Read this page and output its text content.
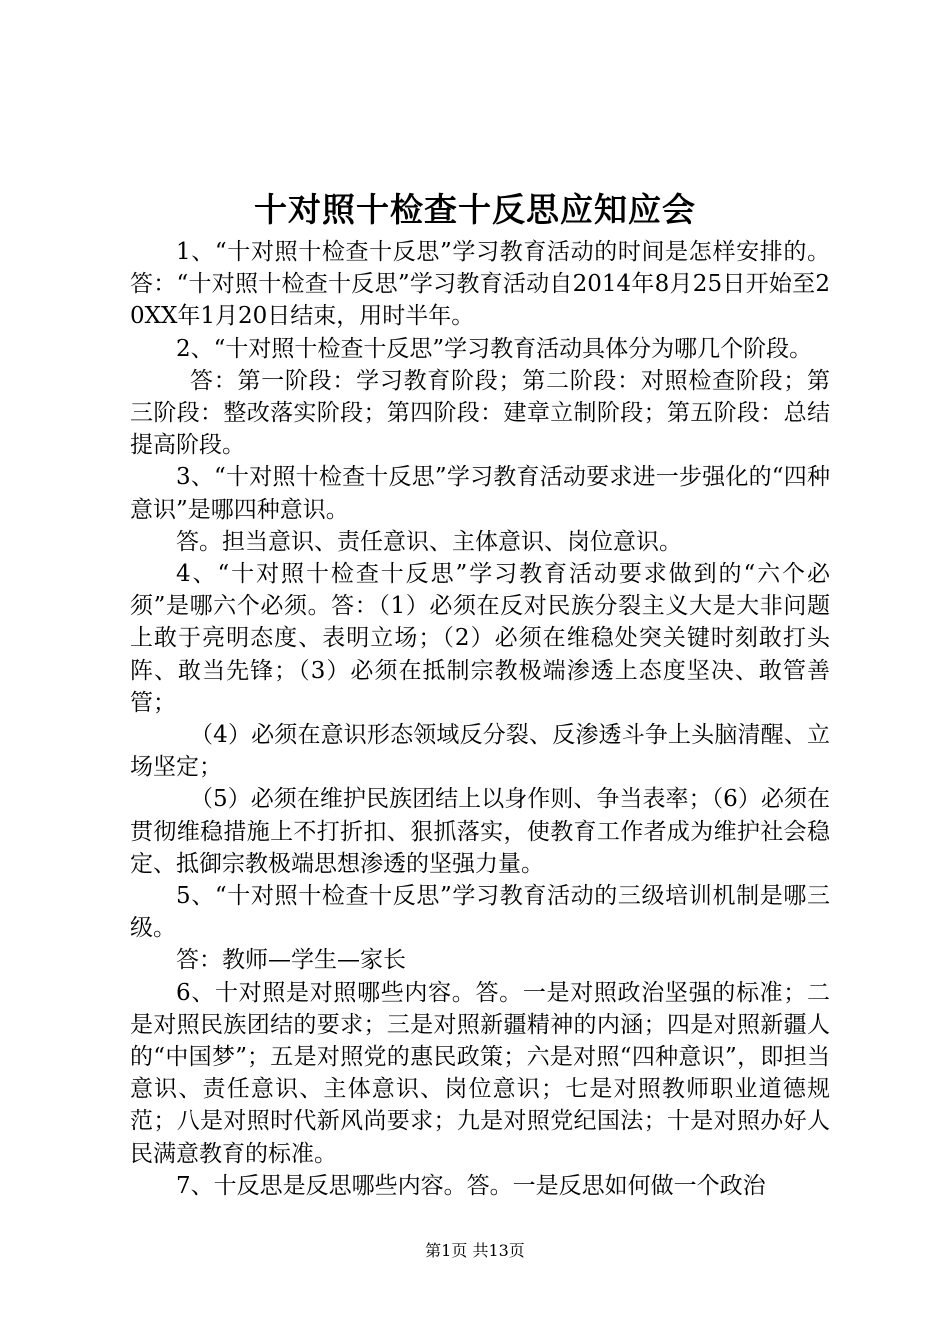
十对照十检查十反思应知应会

1、“十对照十检查十反思”学习教育活动的时间是怎样安排的。答：“十对照十检查十反思”学习教育活动自2014年8月25日开始至20XX年1月20日结束，用时半年。

2、“十对照十检查十反思”学习教育活动具体分为哪几个阶段。

答：第一阶段：学习教育阶段；第二阶段：对照检查阶段；第三阶段：整改落实阶段；第四阶段：建章立制阶段；第五阶段：总结提高阶段。

3、“十对照十检查十反思”学习教育活动要求进一步强化的“四种意识”是哪四种意识。

答。担当意识、责任意识、主体意识、岗位意识。

4、“十对照十检查十反思”学习教育活动要求做到的“六个必须”是哪六个必须。答：（1）必须在反对民族分裂主义大是大非问题上敢于亮明态度、表明立场；（2）必须在维稳处突关键时刻敢打头阵、敢当先锋；（3）必须在抵制宗教极端渗透上态度坚决、敢管善管；

（4）必须在意识形态领域反分裂、反渗透斗争上头脑清醒、立场坚定；

（5）必须在维护民族团结上以身作则、争当表率；（6）必须在贯彻维稳措施上不打折扣、狠抓落实，使教育工作者成为维护社会稳定、抵御宗教极端思想渗透的坚强力量。

5、“十对照十检查十反思”学习教育活动的三级培训机制是哪三级。

答：教师—学生—家长

6、十对照是对照哪些内容。答。一是对照政治坚强的标准；二是对照民族团结的要求；三是对照新疆精神的内涵；四是对照新疆人的“中国梦”；五是对照党的惠民政策；六是对照“四种意识”，即担当意识、责任意识、主体意识、岗位意识；七是对照教师职业道德规范；八是对照时代新风尚要求；九是对照党纪国法；十是对照办好人民满意教育的标准。

7、十反思是反思哪些内容。答。一是反思如何做一个政治

第1页 共13页
